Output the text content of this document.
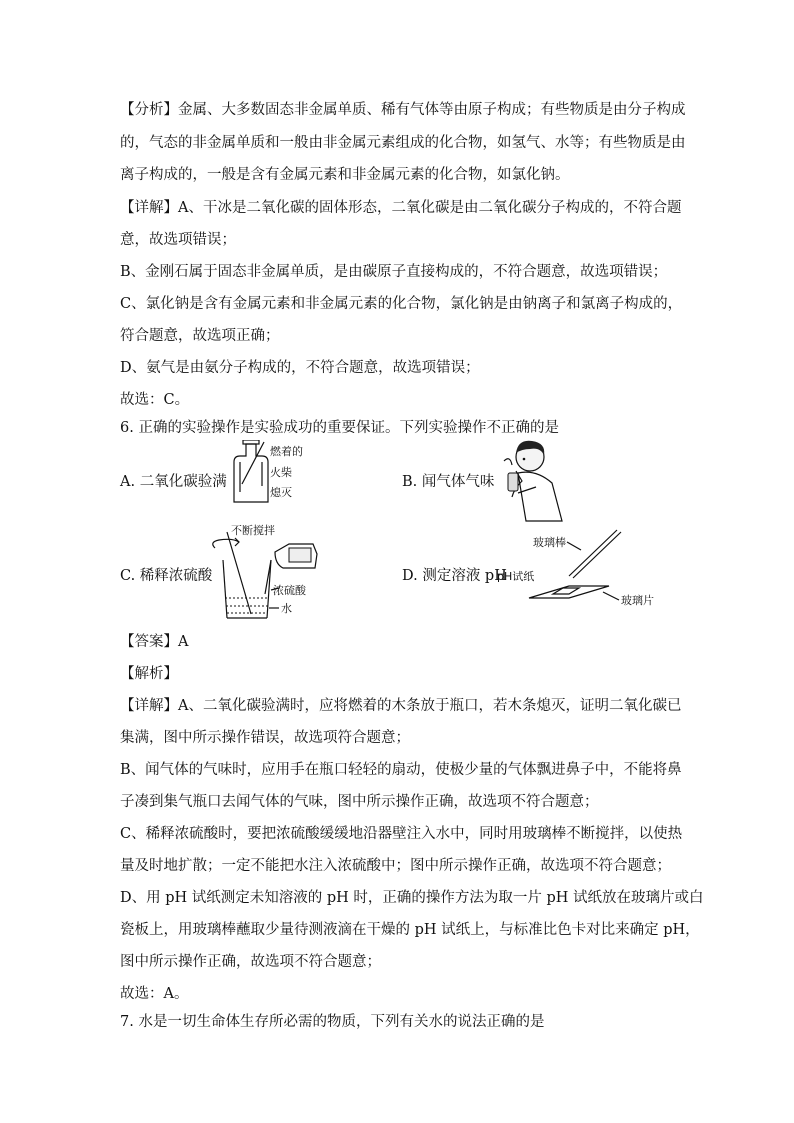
【分析】金属、大多数固态非金属单质、稀有气体等由原子构成；有些物质是由分子构成
的，气态的非金属单质和一般由非金属元素组成的化合物，如氢气、水等；有些物质是由
离子构成的，一般是含有金属元素和非金属元素的化合物，如氯化钠。
【详解】A、干冰是二氧化碳的固体形态，二氧化碳是由二氧化碳分子构成的，不符合题
意，故选项错误；
B、金刚石属于固态非金属单质，是由碳原子直接构成的，不符合题意，故选项错误；
C、氯化钠是含有金属元素和非金属元素的化合物，氯化钠是由钠离子和氯离子构成的，
符合题意，故选项正确；
D、氨气是由氨分子构成的，不符合题意，故选项错误；
故选：C。
6. 正确的实验操作是实验成功的重要保证。下列实验操作不正确的是
A. 二氧化碳验满
燃着的
火柴
熄灭
B. 闻气体气味
C. 稀释浓硫酸
不断搅拌
浓硫酸
水
D. 测定溶液 pH
pH试纸
玻璃棒
玻璃片
【答案】A
【解析】
【详解】A、二氧化碳验满时，应将燃着的木条放于瓶口，若木条熄灭，证明二氧化碳已
集满，图中所示操作错误，故选项符合题意；
B、闻气体的气味时，应用手在瓶口轻轻的扇动，使极少量的气体飘进鼻子中，不能将鼻
子凑到集气瓶口去闻气体的气味，图中所示操作正确，故选项不符合题意；
C、稀释浓硫酸时，要把浓硫酸缓缓地沿器壁注入水中，同时用玻璃棒不断搅拌，以使热
量及时地扩散；一定不能把水注入浓硫酸中；图中所示操作正确，故选项不符合题意；
D、用 pH 试纸测定未知溶液的 pH 时，正确的操作方法为取一片 pH 试纸放在玻璃片或白
瓷板上，用玻璃棒蘸取少量待测液滴在干燥的 pH 试纸上，与标准比色卡对比来确定 pH，
图中所示操作正确，故选项不符合题意；
故选：A。
7. 水是一切生命体生存所必需的物质，下列有关水的说法正确的是
